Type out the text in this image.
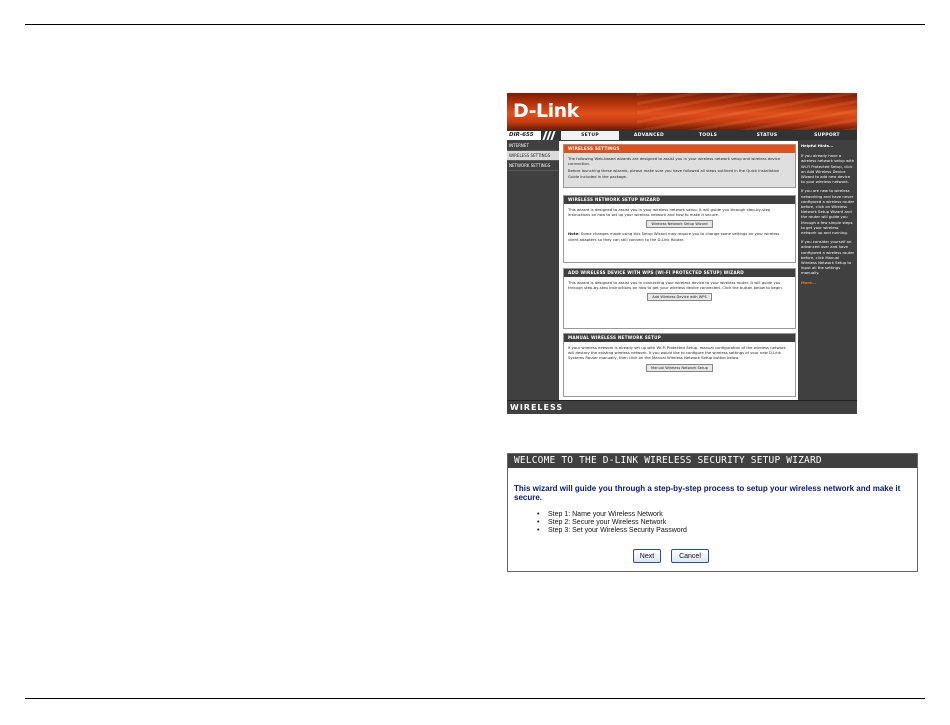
D-Link
DIR-655	SETUP	ADVANCED	TOOLS	STATUS	SUPPORT
INTERNET
WIRELESS SETTINGS
NETWORK SETTINGS
WIRELESS SETTINGS

The following Web-based wizards are designed to assist you in your wireless network setup and wireless device connection.

Before launching these wizards, please make sure you have followed all steps outlined in the Quick Installation Guide included in the package.

WIRELESS NETWORK SETUP WIZARD

This wizard is designed to assist you in your wireless network setup. It will guide you through step-by-step instructions on how to set up your wireless network and how to make it secure.

Wireless Network Setup Wizard

Note: Some changes made using this Setup Wizard may require you to change some settings on your wireless client adapters so they can still connect to the D-Link Router.

ADD WIRELESS DEVICE WITH WPS (WI-FI PROTECTED SETUP) WIZARD

This wizard is designed to assist you in connecting your wireless device to your wireless router. It will guide you through step-by-step instructions on how to get your wireless device connected. Click the button below to begin.

Add Wireless Device with WPS
MANUAL WIRELESS NETWORK SETUP

If your wireless network is already set up with Wi-Fi Protected Setup, manual configuration of the wireless network will destroy the existing wireless network. If you would like to configure the wireless settings of your new D-Link Systems Router manually, then click on the Manual Wireless Network Setup button below.

Manual Wireless Network Setup
Helpful Hints...

If you already have a wireless network setup with Wi-Fi Protected Setup, click on Add Wireless Device Wizard to add new device to your wireless network.

If you are new to wireless networking and have never configured a wireless router before, click on Wireless Network Setup Wizard and the router will guide you through a few simple steps to get your wireless network up and running.

If you consider yourself an advanced user and have configured a wireless router before, click Manual Wireless Network Setup to input all the settings manually.

More...
WIRELESS
WELCOME TO THE D-LINK WIRELESS SECURITY SETUP WIZARD
This wizard will guide you through a step-by-step process to setup your wireless network and make it secure.
• Step 1: Name your Wireless Network
• Step 2: Secure your Wireless Network
• Step 3: Set your Wireless Security Password
Next	Cancel
